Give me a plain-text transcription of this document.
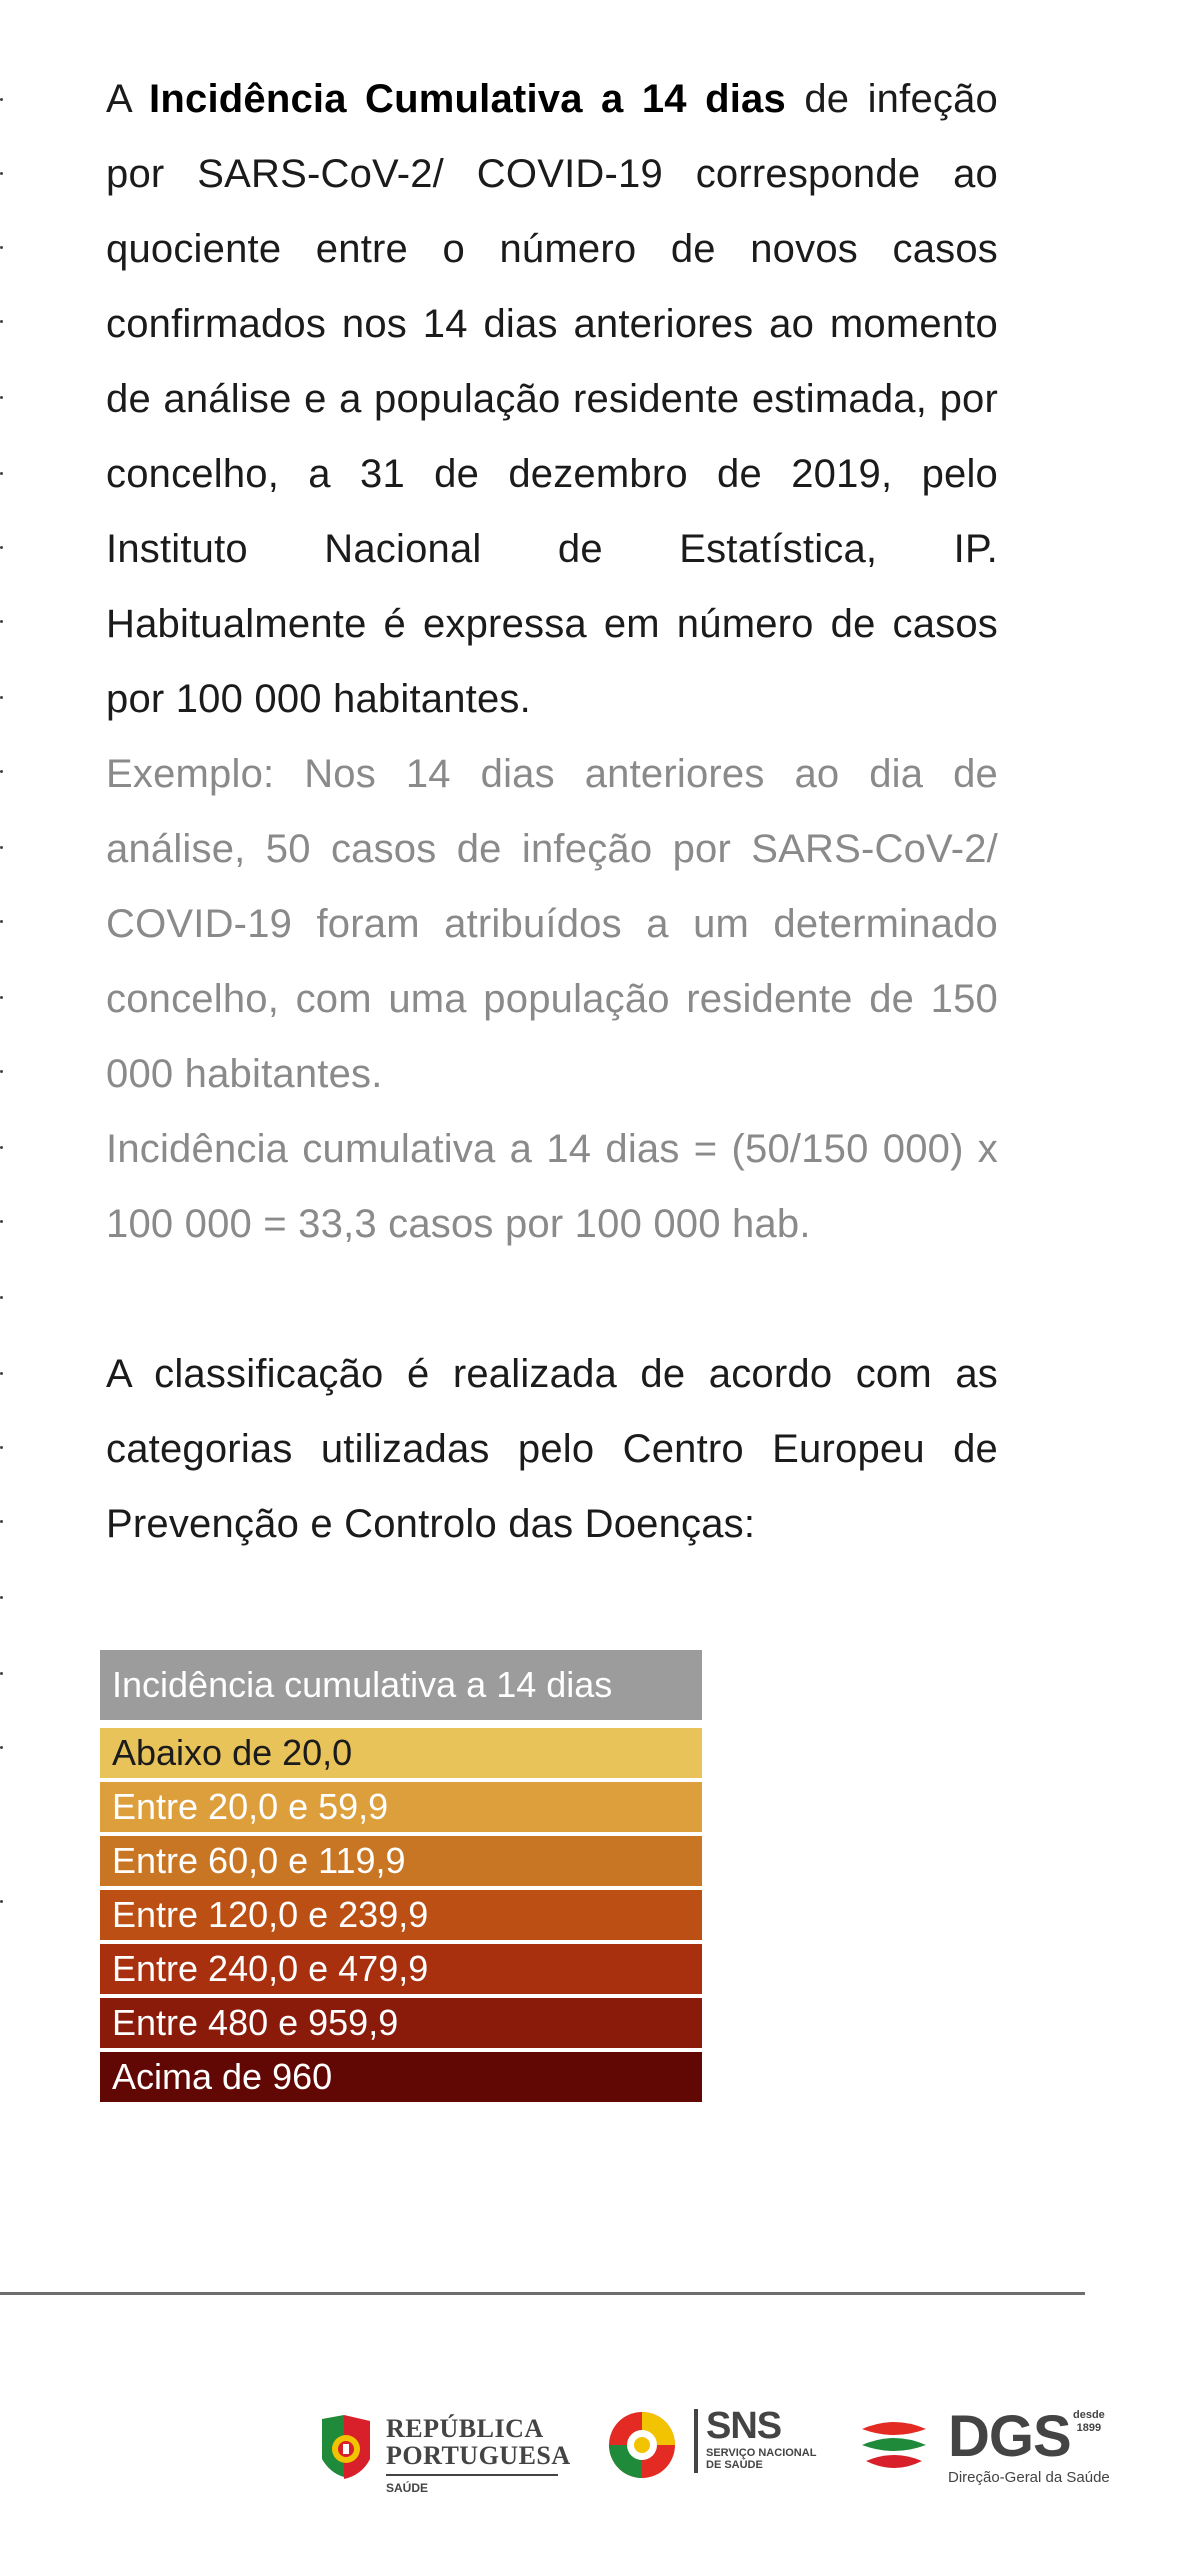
A Incidência Cumulativa a 14 dias de infeção por SARS-CoV-2/ COVID-19 corresponde ao quociente entre o número de novos casos confirmados nos 14 dias anteriores ao momento de análise e a população residente estimada, por concelho, a 31 de dezembro de 2019, pelo Instituto Nacional de Estatística, IP. Habitualmente é expressa em número de casos por 100 000 habitantes.

Exemplo: Nos 14 dias anteriores ao dia de análise, 50 casos de infeção por SARS-CoV-2/ COVID-19 foram atribuídos a um determinado concelho, com uma população residente de 150 000 habitantes.

Incidência cumulativa a 14 dias = (50/150 000) x 100 000 = 33,3 casos por 100 000 hab.

A classificação é realizada de acordo com as categorias utilizadas pelo Centro Europeu de Prevenção e Controlo das Doenças:

Incidência cumulativa a 14 dias
Abaixo de 20,0
Entre 20,0 e 59,9
Entre 60,0 e 119,9
Entre 120,0 e 239,9
Entre 240,0 e 479,9
Entre 480 e 959,9
Acima de 960
REPÚBLICA
PORTUGUESA
SAÚDE
SNS
SERVIÇO NACIONAL
DE SAÚDE	DGS desde
1899
Direção-Geral da Saúde
